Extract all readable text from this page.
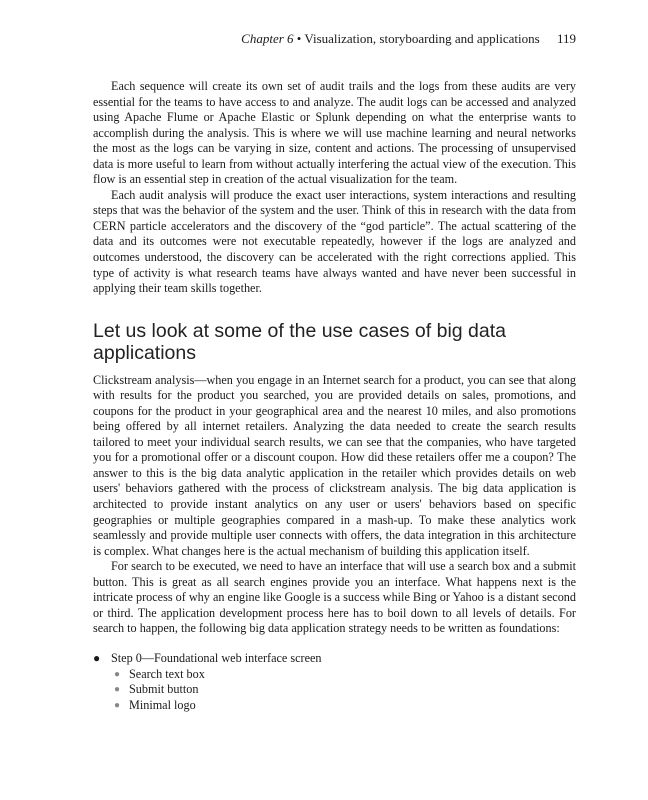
Chapter 6 • Visualization, storyboarding and applications 119

Each sequence will create its own set of audit trails and the logs from these audits are very essential for the teams to have access to and analyze. The audit logs can be accessed and analyzed using Apache Flume or Apache Elastic or Splunk depending on what the enterprise wants to accomplish during the analysis. This is where we will use machine learning and neural networks the most as the logs can be varying in size, content and actions. The processing of unsupervised data is more useful to learn from without actually interfering the actual view of the execution. This flow is an essential step in creation of the actual visualization for the team.

Each audit analysis will produce the exact user interactions, system interactions and resulting steps that was the behavior of the system and the user. Think of this in research with the data from CERN particle accelerators and the discovery of the “god particle”. The actual scattering of the data and its outcomes were not executable repeatedly, however if the logs are analyzed and outcomes understood, the discovery can be accelerated with the right corrections applied. This type of activity is what research teams have always wanted and have never been successful in applying their team skills together.

Let us look at some of the use cases of big data applications

Clickstream analysis—when you engage in an Internet search for a product, you can see that along with results for the product you searched, you are provided details on sales, promotions, and coupons for the product in your geographical area and the nearest 10 miles, and also promotions being offered by all internet retailers. Analyzing the data needed to create the search results tailored to meet your individual search results, we can see that the companies, who have targeted you for a promotional offer or a discount coupon. How did these retailers offer me a coupon? The answer to this is the big data analytic application in the retailer which provides details on web users' behaviors gathered with the process of clickstream analysis. The big data application is architected to provide instant analytics on any user or users' behaviors based on specific geographies or multiple geographies compared in a mash-up. To make these analytics work seamlessly and provide multiple user connects with offers, the data integration in this architecture is complex. What changes here is the actual mechanism of building this application itself.

For search to be executed, we need to have an interface that will use a search box and a submit button. This is great as all search engines provide you an interface. What happens next is the intricate process of why an engine like Google is a success while Bing or Yahoo is a distant second or third. The application development process here has to boil down to all levels of details. For search to happen, the following big data application strategy needs to be written as foundations:

● Step 0—Foundational web interface screen
● Search text box
● Submit button
● Minimal logo
